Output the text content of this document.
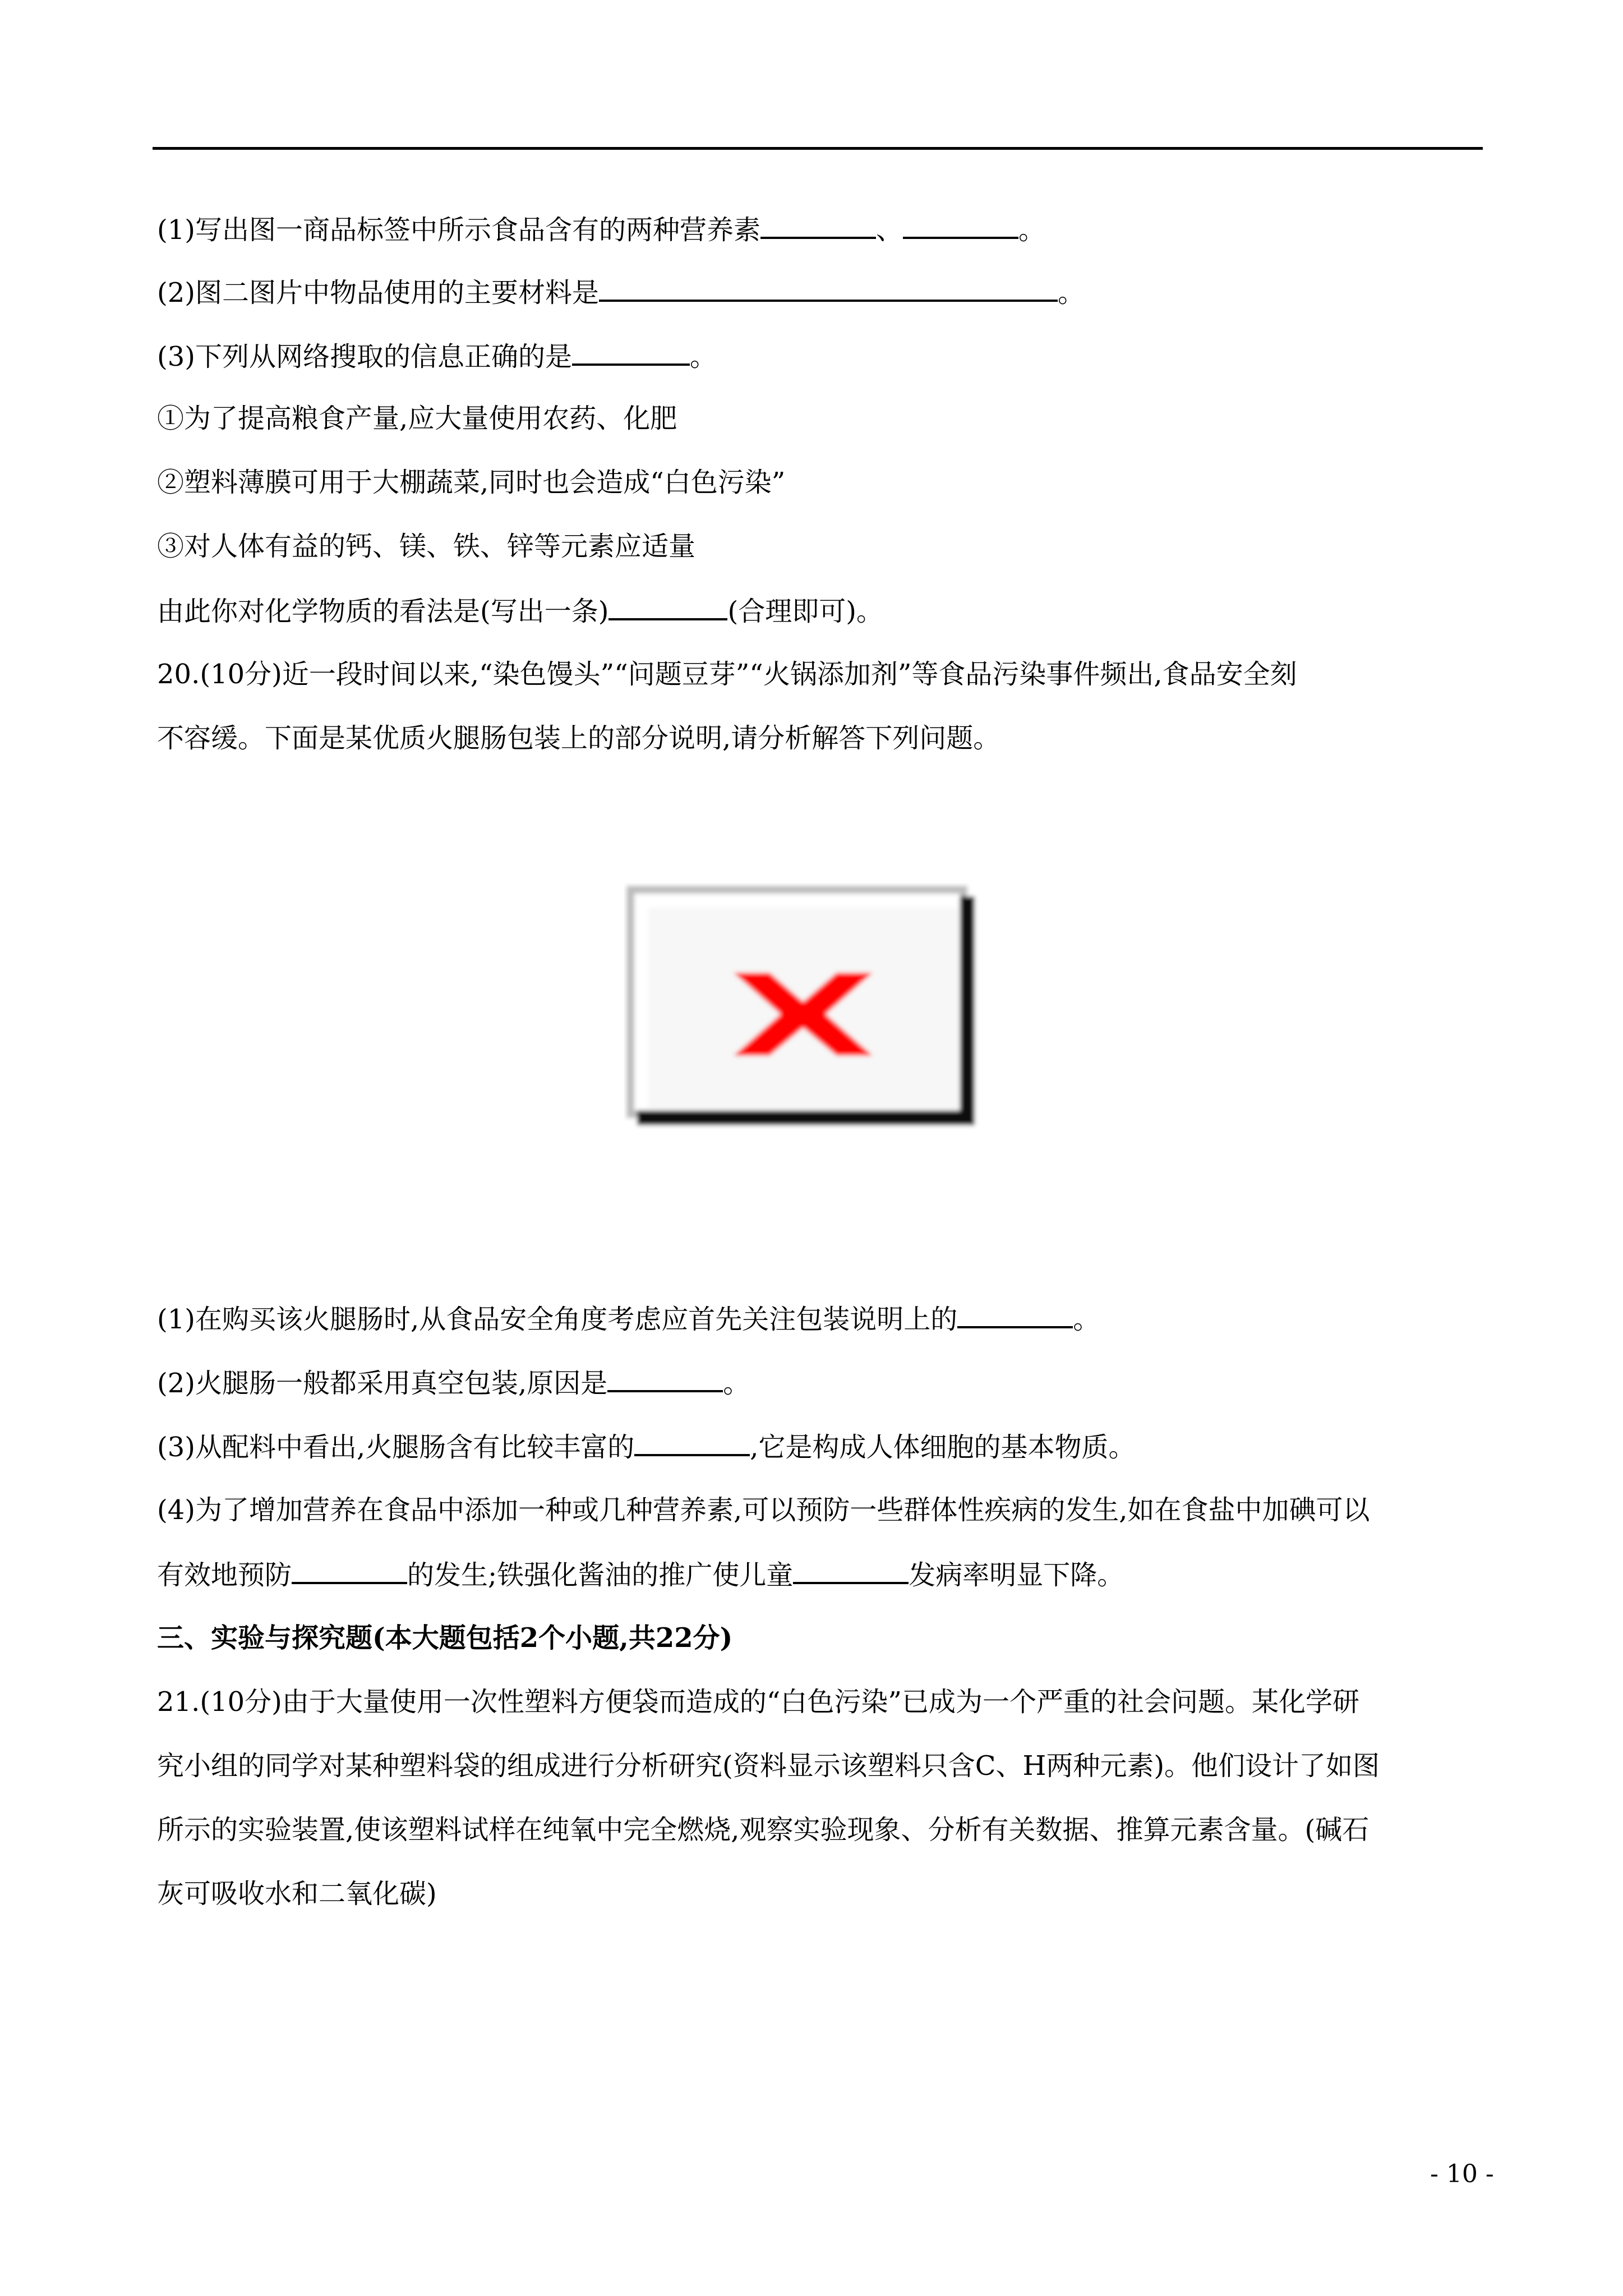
(1)写出图一商品标签中所示食品含有的两种营养素	、	。
(2)图二图片中物品使用的主要材料是	。
(3)下列从网络搜取的信息正确的是	。
①为了提高粮食产量,应大量使用农药、化肥
②塑料薄膜可用于大棚蔬菜,同时也会造成“白色污染”
③对人体有益的钙、镁、铁、锌等元素应适量
由此你对化学物质的看法是(写出一条)	(合理即可)。
20.(10分)近一段时间以来,“染色馒头”“问题豆芽”“火锅添加剂”等食品污染事件频出,食品安全刻
不容缓。下面是某优质火腿肠包装上的部分说明,请分析解答下列问题。
(1)在购买该火腿肠时,从食品安全角度考虑应首先关注包装说明上的	。
(2)火腿肠一般都采用真空包装,原因是	。
(3)从配料中看出,火腿肠含有比较丰富的	,它是构成人体细胞的基本物质。
(4)为了增加营养在食品中添加一种或几种营养素,可以预防一些群体性疾病的发生,如在食盐中加碘可以
有效地预防	的发生;铁强化酱油的推广使儿童	发病率明显下降。
三、实验与探究题(本大题包括2个小题,共22分)
21.(10分)由于大量使用一次性塑料方便袋而造成的“白色污染”已成为一个严重的社会问题。某化学研
究小组的同学对某种塑料袋的组成进行分析研究(资料显示该塑料只含C、H两种元素)。他们设计了如图
所示的实验装置,使该塑料试样在纯氧中完全燃烧,观察实验现象、分析有关数据、推算元素含量。(碱石
灰可吸收水和二氧化碳)
- 10 -
